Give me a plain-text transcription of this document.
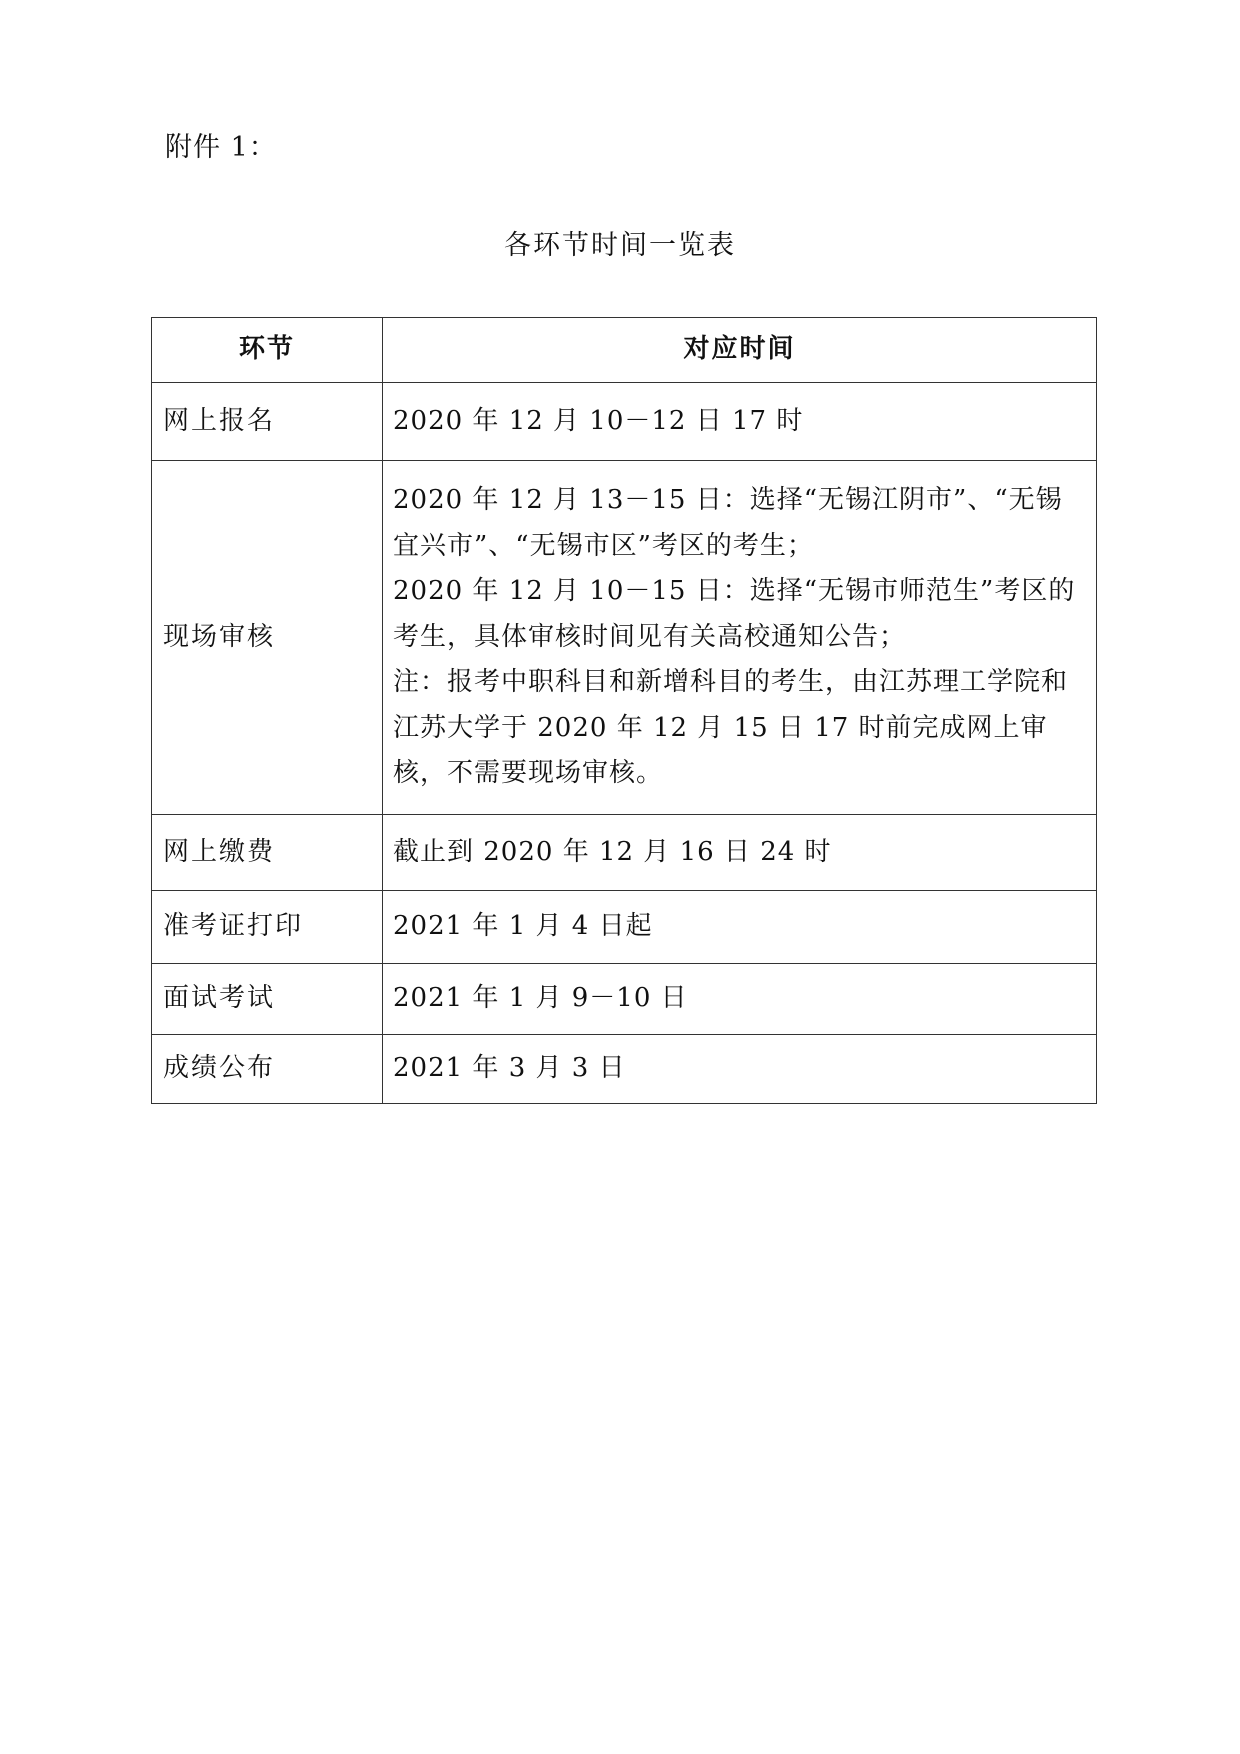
附件 1：
各环节时间一览表
环节	对应时间
网上报名	2020 年 12 月 10－12 日 17 时

现场审核	2020 年 12 月 13－15 日：选择“无锡江阴市”、“无锡宜兴市”、“无锡市区”考区的考生；
2020 年 12 月 10－15 日：选择“无锡市师范生”考区的考生，具体审核时间见有关高校通知公告；
注：报考中职科目和新增科目的考生，由江苏理工学院和江苏大学于 2020 年 12 月 15 日 17 时前完成网上审核，不需要现场审核。

网上缴费	截止到 2020 年 12 月 16 日 24 时

准考证打印	2021 年 1 月 4 日起

面试考试	2021 年 1 月 9－10 日

成绩公布	2021 年 3 月 3 日
